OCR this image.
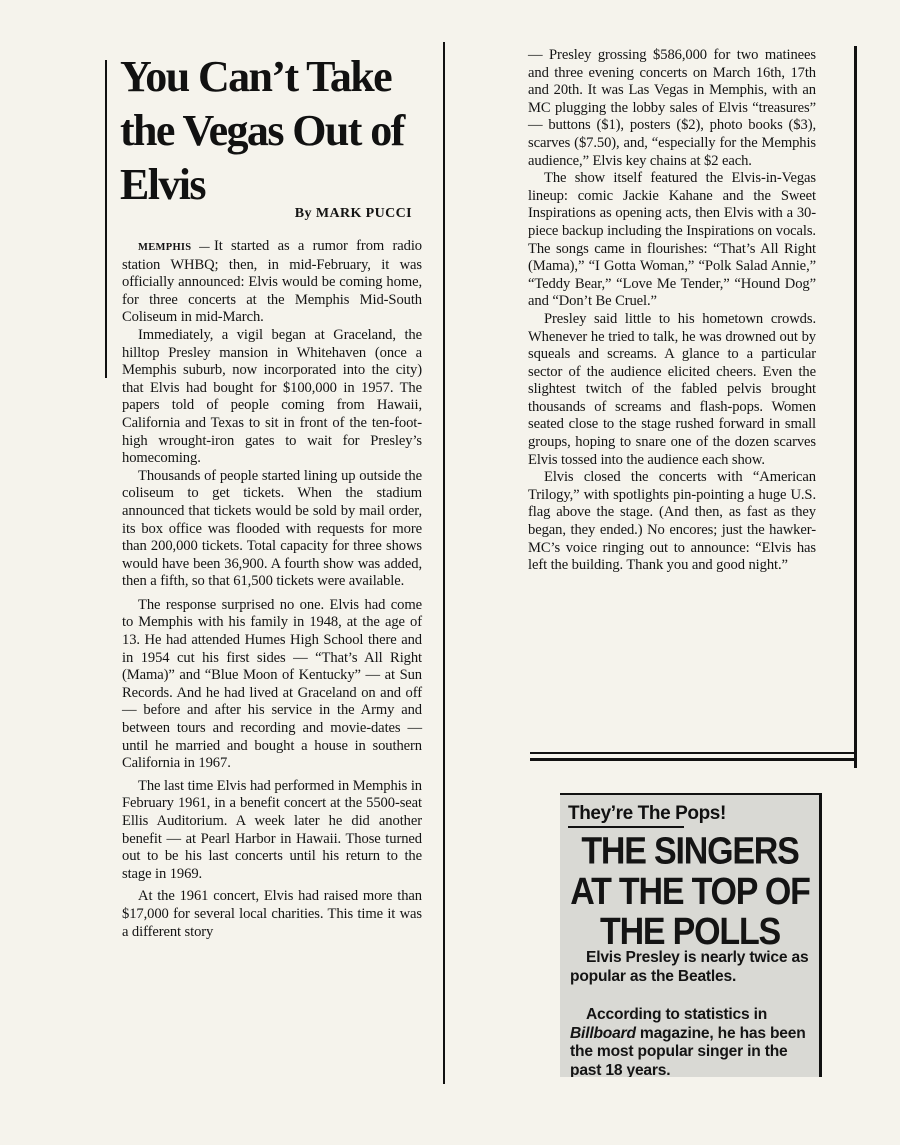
You Can’t Take the Vegas Out of Elvis

By MARK PUCCI

MEMPHIS — It started as a rumor from radio station WHBQ; then, in mid-February, it was officially announced: Elvis would be coming home, for three concerts at the Memphis Mid-South Coliseum in mid-March.

Immediately, a vigil began at Graceland, the hilltop Presley mansion in Whitehaven (once a Memphis suburb, now incorporated into the city) that Elvis had bought for $100,000 in 1957. The papers told of people coming from Hawaii, California and Texas to sit in front of the ten-foot-high wrought-iron gates to wait for Presley’s homecoming.

Thousands of people started lining up outside the coliseum to get tickets. When the stadium announced that tickets would be sold by mail order, its box office was flooded with requests for more than 200,000 tickets. Total capacity for three shows would have been 36,900. A fourth show was added, then a fifth, so that 61,500 tickets were available.

The response surprised no one. Elvis had come to Memphis with his family in 1948, at the age of 13. He had attended Humes High School there and in 1954 cut his first sides — “That’s All Right (Mama)” and “Blue Moon of Kentucky” — at Sun Records. And he had lived at Graceland on and off — before and after his service in the Army and between tours and recording and movie-dates — until he married and bought a house in southern California in 1967.

The last time Elvis had performed in Memphis in February 1961, in a benefit concert at the 5500-seat Ellis Auditorium. A week later he did another benefit — at Pearl Harbor in Hawaii. Those turned out to be his last concerts until his return to the stage in 1969.

At the 1961 concert, Elvis had raised more than $17,000 for several local charities. This time it was a different story

— Presley grossing $586,000 for two matinees and three evening concerts on March 16th, 17th and 20th. It was Las Vegas in Memphis, with an MC plugging the lobby sales of Elvis “treasures” — buttons ($1), posters ($2), photo books ($3), scarves ($7.50), and, “especially for the Memphis audience,” Elvis key chains at $2 each.

The show itself featured the Elvis-in-Vegas lineup: comic Jackie Kahane and the Sweet Inspirations as opening acts, then Elvis with a 30-piece backup including the Inspirations on vocals. The songs came in flourishes: “That’s All Right (Mama),” “I Gotta Woman,” “Polk Salad Annie,” “Teddy Bear,” “Love Me Tender,” “Hound Dog” and “Don’t Be Cruel.”

Presley said little to his hometown crowds. Whenever he tried to talk, he was drowned out by squeals and screams. A glance to a particular sector of the audience elicited cheers. Even the slightest twitch of the fabled pelvis brought thousands of screams and flash-pops. Women seated close to the stage rushed forward in small groups, hoping to snare one of the dozen scarves Elvis tossed into the audience each show.

Elvis closed the concerts with “American Trilogy,” with spotlights pin-pointing a huge U.S. flag above the stage. (And then, as fast as they began, they ended.) No encores; just the hawker-MC’s voice ringing out to announce: “Elvis has left the building. Thank you and good night.”

They’re The Pops!

THE SINGERS AT THE TOP OF THE POLLS

Elvis Presley is nearly twice as popular as the Beatles.

According to statistics in Billboard magazine, he has been the most popular singer in the past 18 years.
